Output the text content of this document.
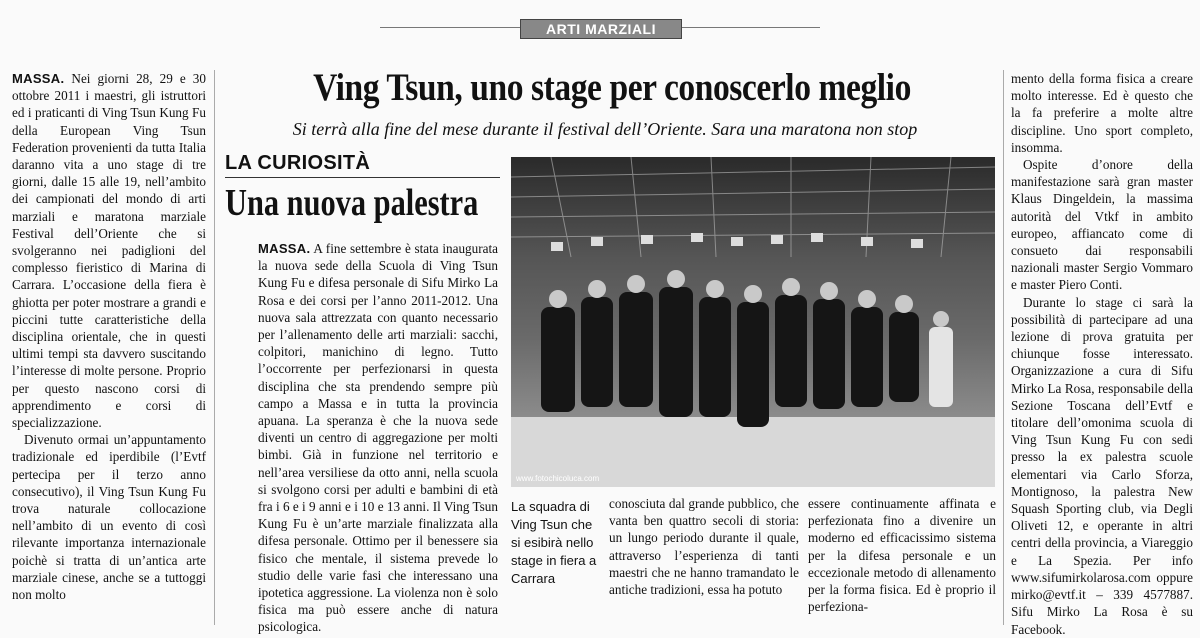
ARTI MARZIALI

MASSA. Nei giorni 28, 29 e 30 ottobre 2011 i maestri, gli istruttori ed i praticanti di Ving Tsun Kung Fu della European Ving Tsun Federation provenienti da tutta Italia daranno vita a uno stage di tre giorni, dalle 15 alle 19, nell’ambito dei campionati del mondo di arti marziali e maratona marziale Festival dell’Oriente che si svolgeranno nei padiglioni del complesso fieristico di Marina di Carrara. L’occasione della fiera è ghiotta per poter mostrare a grandi e piccini tutte caratteristiche della disciplina orientale, che in questi ultimi tempi sta davvero suscitando l’interesse di molte persone. Proprio per questo nascono corsi di apprendimento e corsi di specializzazione.

Divenuto ormai un’appuntamento tradizionale ed iperdibile (l’Evtf pertecipa per il terzo anno consecutivo), il Ving Tsun Kung Fu trova naturale collocazione nell’ambito di un evento di così rilevante importanza internazionale poichè si tratta di un’antica arte marziale cinese, anche se a tuttoggi non molto

Ving Tsun, uno stage per conoscerlo meglio
Si terrà alla fine del mese durante il festival dell’Oriente. Sara una maratona non stop
LA CURIOSITÀ
Una nuova palestra

MASSA. A fine settembre è stata inaugurata la nuova sede della Scuola di Ving Tsun Kung Fu e difesa personale di Sifu Mirko La Rosa e dei corsi per l’anno 2011-2012. Una nuova sala attrezzata con quanto necessario per l’allenamento delle arti marziali: sacchi, colpitori, manichino di legno. Tutto l’occorrente per perfezionarsi in questa disciplina che sta prendendo sempre più campo a Massa e in tutta la provincia apuana. La speranza è che la nuova sede diventi un centro di aggregazione per molti bimbi. Già in funzione nel territorio e nell’area versiliese da otto anni, nella scuola si svolgono corsi per adulti e bambini di età fra i 6 e i 9 anni e i 10 e 13 anni. Il Ving Tsun Kung Fu è un’arte marziale finalizzata alla difesa personale. Ottimo per il benessere sia fisico che mentale, il sistema prevede lo studio delle varie fasi che interessano una ipotetica aggressione. La violenza non è solo fisica ma può essere anche di natura psicologica.

www.fotochicoluca.com
La squadra di Ving Tsun che si esibirà nello stage in fiera a Carrara

conosciuta dal grande pubblico, che vanta ben quattro secoli di storia: un lungo periodo durante il quale, attraverso l’esperienza di tanti maestri che ne hanno tramandato le antiche tradizioni, essa ha potuto

essere continuamente affinata e perfezionata fino a divenire un moderno ed efficacissimo sistema per la difesa personale e un eccezionale metodo di allenamento per la forma fisica. Ed è proprio il perfeziona-

mento della forma fisica a creare molto interesse. Ed è questo che la fa preferire a molte altre discipline. Uno sport completo, insomma.

Ospite d’onore della manifestazione sarà gran master Klaus Dingeldein, la massima autorità del Vtkf in ambito europeo, affiancato come di consueto dai responsabili nazionali master Sergio Vommaro e master Piero Conti.

Durante lo stage ci sarà la possibilità di partecipare ad una lezione di prova gratuita per chiunque fosse interessato. Organizzazione a cura di Sifu Mirko La Rosa, responsabile della Sezione Toscana dell’Evtf e titolare dell’omonima scuola di Ving Tsun Kung Fu con sedi presso la ex palestra scuole elementari via Carlo Sforza, Montignoso, la palestra New Squash Sporting club, via Degli Oliveti 12, e operante in altri centri della provincia, a Viareggio e La Spezia. Per info www.sifumirkolarosa.com oppure mirko@evtf.it – 339 4577887. Sifu Mirko La Rosa è su Facebook.
